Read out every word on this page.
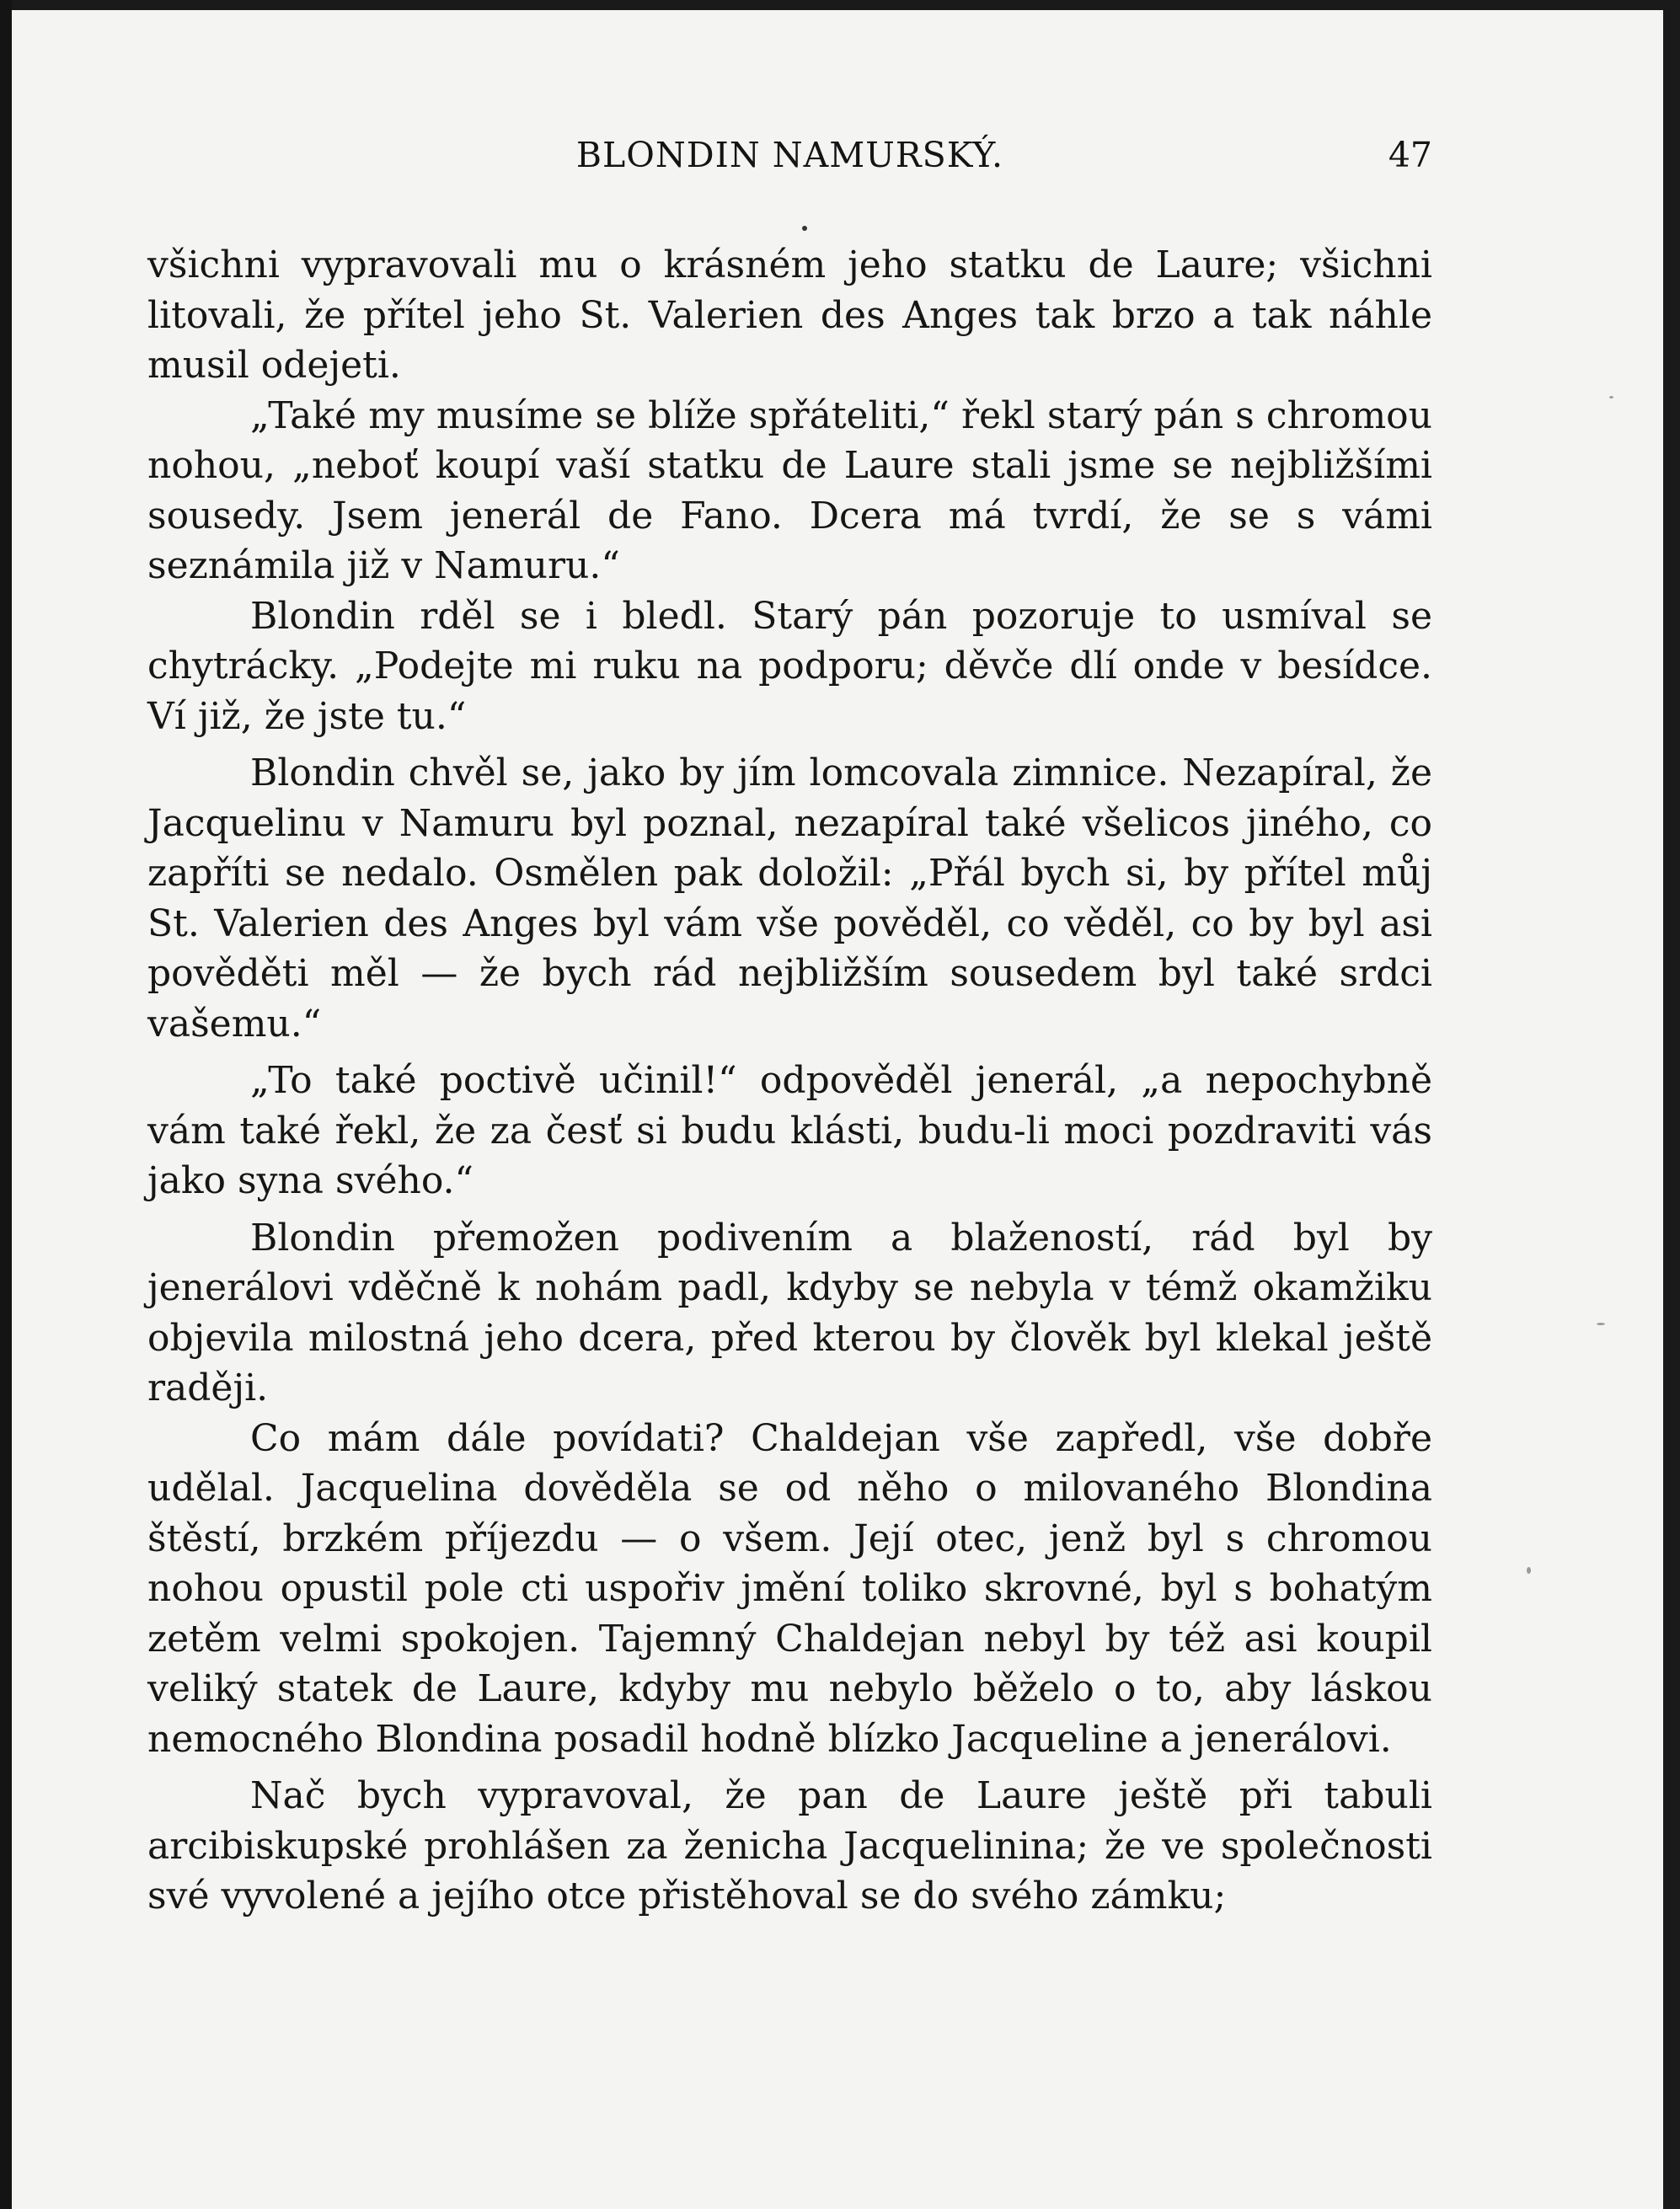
BLONDIN NAMURSKÝ.	47

všichni vypravovali mu o krásném jeho statku de Laure; všichni litovali, že přítel jeho St. Valerien des Anges tak brzo a tak náhle musil odejeti.

„Také my musíme se blíže spřáteliti,“ řekl starý pán s chromou nohou, „neboť koupí vaší statku de Laure stali jsme se nejbližšími sousedy. Jsem jenerál de Fano. Dcera má tvrdí, že se s vámi seznámila již v Namuru.“

Blondin rděl se i bledl. Starý pán pozoruje to usmíval se chytrácky. „Podejte mi ruku na podporu; děvče dlí onde v besídce. Ví již, že jste tu.“

Blondin chvěl se, jako by jím lomcovala zimnice. Nezapíral, že Jacquelinu v Namuru byl poznal, nezapíral také všelicos jiného, co zapříti se nedalo. Osmělen pak doložil: „Přál bych si, by přítel můj St. Valerien des Anges byl vám vše pověděl, co věděl, co by byl asi pověděti měl — že bych rád nejbližším sousedem byl také srdci vašemu.“

„To také poctivě učinil!“ odpověděl jenerál, „a nepochybně vám také řekl, že za česť si budu klásti, budu-li moci pozdraviti vás jako syna svého.“

Blondin přemožen podivením a blažeností, rád byl by jenerálovi vděčně k nohám padl, kdyby se nebyla v témž okamžiku objevila milostná jeho dcera, před kterou by člověk byl klekal ještě raději.

Co mám dále povídati? Chaldejan vše zapředl, vše dobře udělal. Jacquelina dověděla se od něho o milovaného Blondina štěstí, brzkém příjezdu — o všem. Její otec, jenž byl s chromou nohou opustil pole cti uspořiv jmění toliko skrovné, byl s bohatým zetěm velmi spokojen. Tajemný Chaldejan nebyl by též asi koupil veliký statek de Laure, kdyby mu nebylo běželo o to, aby láskou nemocného Blondina posadil hodně blízko Jacqueline a jenerálovi.

Nač bych vypravoval, že pan de Laure ještě při tabuli arcibiskupské prohlášen za ženicha Jacquelinina; že ve společnosti své vyvolené a jejího otce přistěhoval se do svého zámku;
